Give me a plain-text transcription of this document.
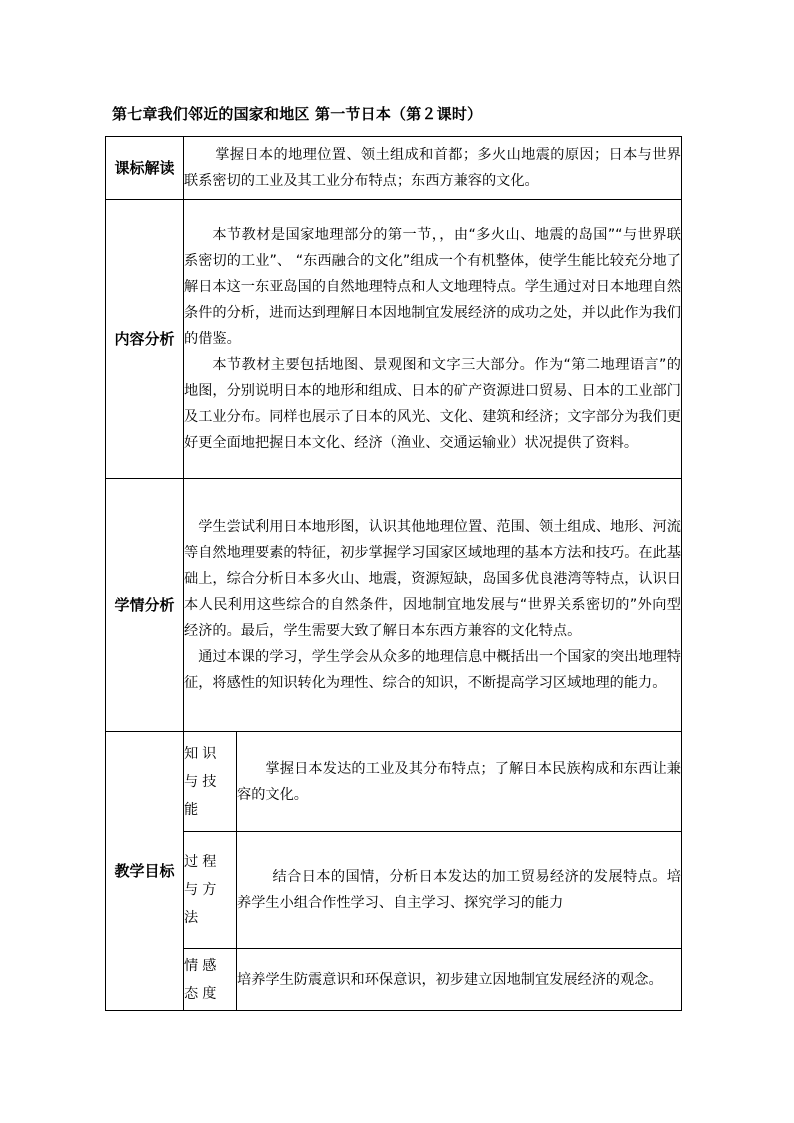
第七章我们邻近的国家和地区 第一节日本（第２课时）
课标解读	掌握日本的地理位置、领土组成和首都；多火山地震的原因；日本与世界联系密切的工业及其工业分布特点；东西方兼容的文化。	

内容分析	本节教材是国家地理部分的第一节，，由“多火山、地震的岛国”“与世界联系密切的工业”、 “东西融合的文化”组成一个有机整体，使学生能比较充分地了解日本这一东亚岛国的自然地理特点和人文地理特点。学生通过对日本地理自然条件的分析，进而达到理解日本因地制宜发展经济的成功之处，并以此作为我们的借鉴。

本节教材主要包括地图、景观图和文字三大部分。作为“第二地理语言”的地图，分别说明日本的地形和组成、日本的矿产资源进口贸易、日本的工业部门及工业分布。同样也展示了日本的风光、文化、建筑和经济；文字部分为我们更好更全面地把握日本文化、经济（渔业、交通运输业）状况提供了资料。	

学情分析	学生尝试利用日本地形图，认识其他地理位置、范围、领土组成、地形、河流等自然地理要素的特征，初步掌握学习国家区域地理的基本方法和技巧。在此基础上，综合分析日本多火山、地震，资源短缺，岛国多优良港湾等特点，认识日本人民利用这些综合的自然条件，因地制宜地发展与“世界关系密切的”外向型经济的。最后，学生需要大致了解日本东西方兼容的文化特点。

通过本课的学习，学生学会从众多的地理信息中概括出一个国家的突出地理特征，将感性的知识转化为理性、综合的知识，不断提高学习区域地理的能力。	

教学目标	知识与技能	掌握日本发达的工业及其分布特点；了解日本民族构成和东西让兼容的文化。

	过程与方法	结合日本的国情，分析日本发达的加工贸易经济的发展特点。培养学生小组合作性学习、自主学习、探究学习的能力

	情感态度	培养学生防震意识和环保意识，初步建立因地制宜发展经济的观念。
